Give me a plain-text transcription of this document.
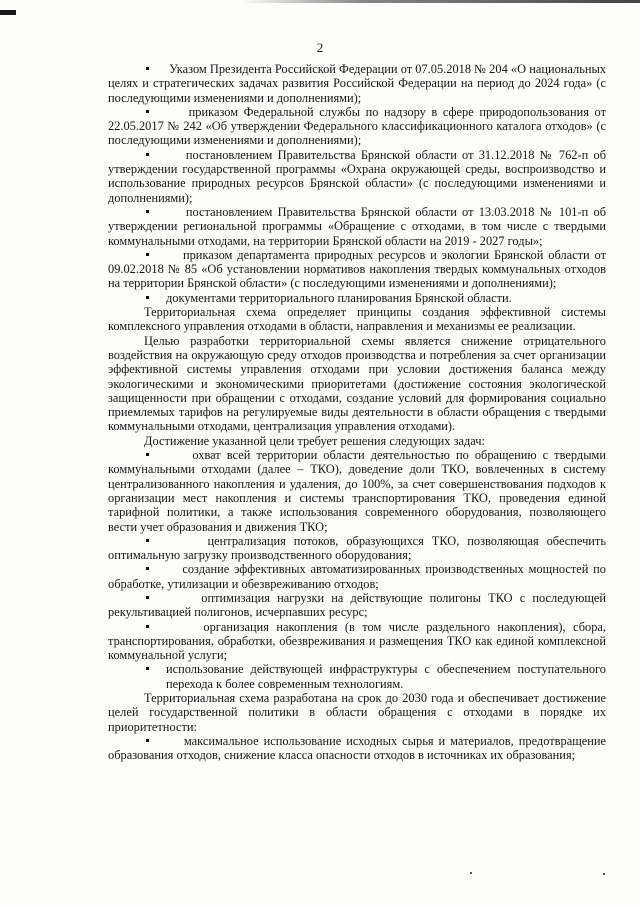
2

Указом Президента Российской Федерации от 07.05.2018 № 204 «О национальных целях и стратегических задачах развития Российской Федерации на период до 2024 года» (с последующими изменениями и дополнениями);

приказом Федеральной службы по надзору в сфере природопользования от 22.05.2017 № 242 «Об утверждении Федерального классификационного каталога отходов» (с последующими изменениями и дополнениями);

постановлением Правительства Брянской области от 31.12.2018 № 762-п об утверждении государственной программы «Охрана окружающей среды, воспроизводство и использование природных ресурсов Брянской области» (с последующими изменениями и дополнениями);

постановлением Правительства Брянской области от 13.03.2018 № 101-п об утверждении региональной программы «Обращение с отходами, в том числе с твердыми коммунальными отходами, на территории Брянской области на 2019 - 2027 годы»;

приказом департамента природных ресурсов и экологии Брянской области от 09.02.2018 № 85 «Об установлении нормативов накопления твердых коммунальных отходов на территории Брянской области» (с последующими изменениями и дополнениями);

документами территориального планирования Брянской области.

Территориальная схема определяет принципы создания эффективной системы комплексного управления отходами в области, направления и механизмы ее реализации.

Целью разработки территориальной схемы является снижение отрицательного воздействия на окружающую среду отходов производства и потребления за счет организации эффективной системы управления отходами при условии достижения баланса между экологическими и экономическими приоритетами (достижение состояния экологической защищенности при обращении с отходами, создание условий для формирования социально приемлемых тарифов на регулируемые виды деятельности в области обращения с твердыми коммунальными отходами, централизация управления отходами).

Достижение указанной цели требует решения следующих задач:

охват всей территории области деятельностью по обращению с твердыми коммунальными отходами (далее – ТКО), доведение доли ТКО, вовлеченных в систему централизованного накопления и удаления, до 100%, за счет совершенствования подходов к организации мест накопления и системы транспортирования ТКО, проведения единой тарифной политики, а также использования современного оборудования, позволяющего вести учет образования и движения ТКО;

централизация потоков, образующихся ТКО, позволяющая обеспечить оптимальную загрузку производственного оборудования;

создание эффективных автоматизированных производственных мощностей по обработке, утилизации и обезвреживанию отходов;

оптимизация нагрузки на действующие полигоны ТКО с последующей рекультивацией полигонов, исчерпавших ресурс;

организация накопления (в том числе раздельного накопления), сбора, транспортирования, обработки, обезвреживания и размещения ТКО как единой комплексной коммунальной услуги;

использование действующей инфраструктуры с обеспечением поступательного перехода к более современным технологиям.

Территориальная схема разработана на срок до 2030 года и обеспечивает достижение целей государственной политики в области обращения с отходами в порядке их приоритетности:

максимальное использование исходных сырья и материалов, предотвращение образования отходов, снижение класса опасности отходов в источниках их образования;
